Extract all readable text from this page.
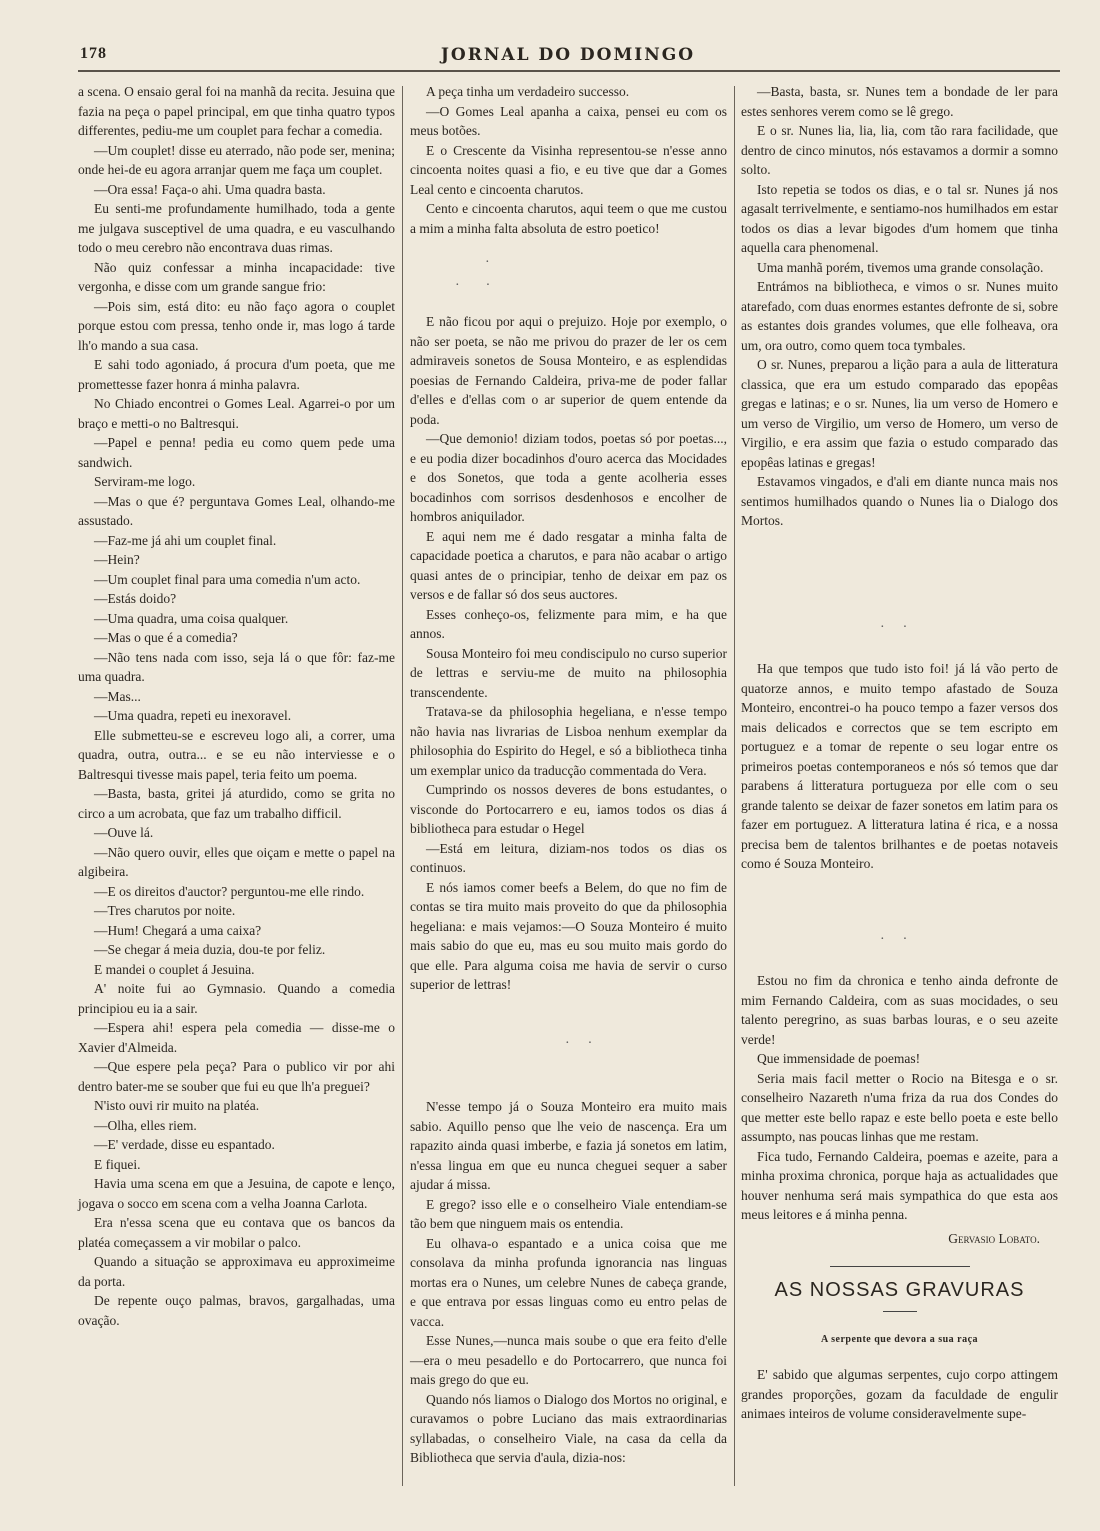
178	JORNAL DO DOMINGO

a scena. O ensaio geral foi na manhã da recita. Jesuina que fazia na peça o papel principal, em que tinha quatro typos differentes, pediu-me um couplet para fechar a comedia.

—Um couplet! disse eu aterrado, não pode ser, menina; onde hei-de eu agora arranjar quem me faça um couplet.

—Ora essa! Faça-o ahi. Uma quadra basta.

Eu senti-me profundamente humilhado, toda a gente me julgava susceptivel de uma quadra, e eu vasculhando todo o meu cerebro não encontrava duas rimas.

Não quiz confessar a minha incapacidade: tive vergonha, e disse com um grande sangue frio:

—Pois sim, está dito: eu não faço agora o couplet porque estou com pressa, tenho onde ir, mas logo á tarde lh'o mando a sua casa.

E sahi todo agoniado, á procura d'um poeta, que me promettesse fazer honra á minha palavra.

No Chiado encontrei o Gomes Leal. Agarrei-o por um braço e metti-o no Baltresqui.

—Papel e penna! pedia eu como quem pede uma sandwich.

Serviram-me logo.

—Mas o que é? perguntava Gomes Leal, olhando-me assustado.

—Faz-me já ahi um couplet final.

—Hein?

—Um couplet final para uma comedia n'um acto.

—Estás doido?

—Uma quadra, uma coisa qualquer.

—Mas o que é a comedia?

—Não tens nada com isso, seja lá o que fôr: faz-me uma quadra.

—Mas...

—Uma quadra, repeti eu inexoravel.

Elle submetteu-se e escreveu logo ali, a correr, uma quadra, outra, outra... e se eu não interviesse e o Baltresqui tivesse mais papel, teria feito um poema.

—Basta, basta, gritei já aturdido, como se grita no circo a um acrobata, que faz um trabalho difficil.

—Ouve lá.

—Não quero ouvir, elles que oiçam e mette o papel na algibeira.

—E os direitos d'auctor? perguntou-me elle rindo.

—Tres charutos por noite.

—Hum! Chegará a uma caixa?

—Se chegar á meia duzia, dou-te por feliz.

E mandei o couplet á Jesuina.

A' noite fui ao Gymnasio. Quando a comedia principiou eu ia a sair.

—Espera ahi! espera pela comedia — disse-me o Xavier d'Almeida.

—Que espere pela peça? Para o publico vir por ahi dentro bater-me se souber que fui eu que lh'a preguei?

N'isto ouvi rir muito na platéa.

—Olha, elles riem.

—E' verdade, disse eu espantado.

E fiquei.

Havia uma scena em que a Jesuina, de capote e lenço, jogava o socco em scena com a velha Joanna Carlota.

Era n'essa scena que eu contava que os bancos da platéa começassem a vir mobilar o palco.

Quando a situação se approximava eu approximeime da porta.

De repente ouço palmas, bravos, gargalhadas, uma ovação.

A peça tinha um verdadeiro successo.

—O Gomes Leal apanha a caixa, pensei eu com os meus botões.

E o Crescente da Visinha representou-se n'esse anno cincoenta noites quasi a fio, e eu tive que dar a Gomes Leal cento e cincoenta charutos.

Cento e cincoenta charutos, aqui teem o que me custou a mim a minha falta absoluta de estro poetico!

·
··

E não ficou por aqui o prejuizo. Hoje por exemplo, o não ser poeta, se não me privou do prazer de ler os cem admiraveis sonetos de Sousa Monteiro, e as esplendidas poesias de Fernando Caldeira, priva-me de poder fallar d'elles e d'ellas com o ar superior de quem entende da poda.

—Que demonio! diziam todos, poetas só por poetas..., e eu podia dizer bocadinhos d'ouro acerca das Mocidades e dos Sonetos, que toda a gente acolheria esses bocadinhos com sorrisos desdenhosos e encolher de hombros aniquilador.

E aqui nem me é dado resgatar a minha falta de capacidade poetica a charutos, e para não acabar o artigo quasi antes de o principiar, tenho de deixar em paz os versos e de fallar só dos seus auctores.

Esses conheço-os, felizmente para mim, e ha que annos.

Sousa Monteiro foi meu condiscipulo no curso superior de lettras e serviu-me de muito na philosophia transcendente.

Tratava-se da philosophia hegeliana, e n'esse tempo não havia nas livrarias de Lisboa nenhum exemplar da philosophia do Espirito do Hegel, e só a bibliotheca tinha um exemplar unico da traducção commentada do Vera.

Cumprindo os nossos deveres de bons estudantes, o visconde do Portocarrero e eu, iamos todos os dias á bibliotheca para estudar o Hegel

—Está em leitura, diziam-nos todos os dias os continuos.

E nós iamos comer beefs a Belem, do que no fim de contas se tira muito mais proveito do que da philosophia hegeliana: e mais vejamos:—O Souza Monteiro é muito mais sabio do que eu, mas eu sou muito mais gordo do que elle. Para alguma coisa me havia de servir o curso superior de lettras!

··

N'esse tempo já o Souza Monteiro era muito mais sabio. Aquillo penso que lhe veio de nascença. Era um rapazito ainda quasi imberbe, e fazia já sonetos em latim, n'essa lingua em que eu nunca cheguei sequer a saber ajudar á missa.

E grego? isso elle e o conselheiro Viale entendiam-se tão bem que ninguem mais os entendia.

Eu olhava-o espantado e a unica coisa que me consolava da minha profunda ignorancia nas linguas mortas era o Nunes, um celebre Nunes de cabeça grande, e que entrava por essas linguas como eu entro pelas de vacca.

Esse Nunes,—nunca mais soube o que era feito d'elle—era o meu pesadello e do Portocarrero, que nunca foi mais grego do que eu.

Quando nós liamos o Dialogo dos Mortos no original, e curavamos o pobre Luciano das mais extraordinarias syllabadas, o conselheiro Viale, na casa da cella da Bibliotheca que servia d'aula, dizia-nos:

—Basta, basta, sr. Nunes tem a bondade de ler para estes senhores verem como se lê grego.

E o sr. Nunes lia, lia, lia, com tão rara facilidade, que dentro de cinco minutos, nós estavamos a dormir a somno solto.

Isto repetia se todos os dias, e o tal sr. Nunes já nos agasalt terrivelmente, e sentiamo-nos humilhados em estar todos os dias a levar bigodes d'um homem que tinha aquella cara phenomenal.

Uma manhã porém, tivemos uma grande consolação.

Entrámos na bibliotheca, e vimos o sr. Nunes muito atarefado, com duas enormes estantes defronte de si, sobre as estantes dois grandes volumes, que elle folheava, ora um, ora outro, como quem toca tymbales.

O sr. Nunes, preparou a lição para a aula de litteratura classica, que era um estudo comparado das epopêas gregas e latinas; e o sr. Nunes, lia um verso de Homero e um verso de Virgilio, um verso de Homero, um verso de Virgilio, e era assim que fazia o estudo comparado das epopêas latinas e gregas!

Estavamos vingados, e d'ali em diante nunca mais nos sentimos humilhados quando o Nunes lia o Dialogo dos Mortos.

··

Ha que tempos que tudo isto foi! já lá vão perto de quatorze annos, e muito tempo afastado de Souza Monteiro, encontrei-o ha pouco tempo a fazer versos dos mais delicados e correctos que se tem escripto em portuguez e a tomar de repente o seu logar entre os primeiros poetas contemporaneos e nós só temos que dar parabens á litteratura portugueza por elle com o seu grande talento se deixar de fazer sonetos em latim para os fazer em portuguez. A litteratura latina é rica, e a nossa precisa bem de talentos brilhantes e de poetas notaveis como é Souza Monteiro.

··

Estou no fim da chronica e tenho ainda defronte de mim Fernando Caldeira, com as suas mocidades, o seu talento peregrino, as suas barbas louras, e o seu azeite verde!

Que immensidade de poemas!

Seria mais facil metter o Rocio na Bitesga e o sr. conselheiro Nazareth n'uma friza da rua dos Condes do que metter este bello rapaz e este bello poeta e este bello assumpto, nas poucas linhas que me restam.

Fica tudo, Fernando Caldeira, poemas e azeite, para a minha proxima chronica, porque haja as actualidades que houver nenhuma será mais sympathica do que esta aos meus leitores e á minha penna.

Gervasio Lobato.
AS NOSSAS GRAVURAS
A serpente que devora a sua raça

E' sabido que algumas serpentes, cujo corpo attingem grandes proporções, gozam da faculdade de engulir animaes inteiros de volume consideravelmente supe-
